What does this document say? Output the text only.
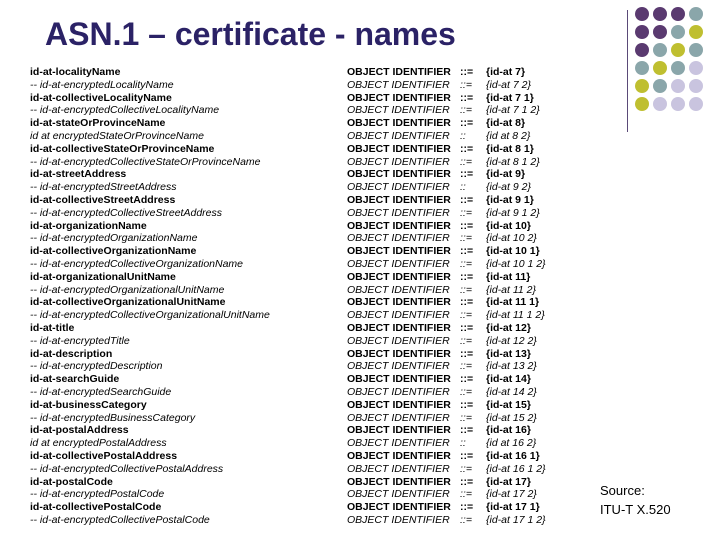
ASN.1 – certificate - names
id-at-localityName	OBJECT IDENTIFIER ::= {id-at 7}
-- id-at-encryptedLocalityName	OBJECT IDENTIFIER ::= {id-at 7 2}
id-at-collectiveLocalityName	OBJECT IDENTIFIER ::= {id-at 7 1}
-- id-at-encryptedCollectiveLocalityName	OBJECT IDENTIFIER ::= {id-at 7 1 2}
id-at-stateOrProvinceName	OBJECT IDENTIFIER ::= {id-at 8}
id at encryptedStateOrProvinceName	OBJECT IDENTIFIER :: {id at 8 2}
id-at-collectiveStateOrProvinceName	OBJECT IDENTIFIER ::= {id-at 8 1}
-- id-at-encryptedCollectiveStateOrProvinceName	OBJECT IDENTIFIER ::= {id-at 8 1 2}
id-at-streetAddress	OBJECT IDENTIFIER ::= {id-at 9}
-- id-at-encryptedStreetAddress	OBJECT IDENTIFIER :: {id-at 9 2}
id-at-collectiveStreetAddress	OBJECT IDENTIFIER ::= {id-at 9 1}
-- id-at-encryptedCollectiveStreetAddress	OBJECT IDENTIFIER ::= {id-at 9 1 2}
id-at-organizationName	OBJECT IDENTIFIER ::= {id-at 10}
-- id-at-encryptedOrganizationName	OBJECT IDENTIFIER ::= {id-at 10 2}
id-at-collectiveOrganizationName	OBJECT IDENTIFIER ::= {id-at 10 1}
-- id-at-encryptedCollectiveOrganizationName	OBJECT IDENTIFIER ::= {id-at 10 1 2}
id-at-organizationalUnitName	OBJECT IDENTIFIER ::= {id-at 11}
-- id-at-encryptedOrganizationalUnitName	OBJECT IDENTIFIER ::= {id-at 11 2}
id-at-collectiveOrganizationalUnitName	OBJECT IDENTIFIER ::= {id-at 11 1}
-- id-at-encryptedCollectiveOrganizationalUnitName	OBJECT IDENTIFIER ::= {id-at 11 1 2}
id-at-title	OBJECT IDENTIFIER ::= {id-at 12}
-- id-at-encryptedTitle	OBJECT IDENTIFIER ::= {id-at 12 2}
id-at-description	OBJECT IDENTIFIER ::= {id-at 13}
-- id-at-encryptedDescription	OBJECT IDENTIFIER ::= {id-at 13 2}
id-at-searchGuide	OBJECT IDENTIFIER ::= {id-at 14}
-- id-at-encryptedSearchGuide	OBJECT IDENTIFIER ::= {id-at 14 2}
id-at-businessCategory	OBJECT IDENTIFIER ::= {id-at 15}
-- id-at-encryptedBusinessCategory	OBJECT IDENTIFIER ::= {id-at 15 2}
id-at-postalAddress	OBJECT IDENTIFIER ::= {id-at 16}
id at encryptedPostalAddress	OBJECT IDENTIFIER :: {id at 16 2}
id-at-collectivePostalAddress	OBJECT IDENTIFIER ::= {id-at 16 1}
-- id-at-encryptedCollectivePostalAddress	OBJECT IDENTIFIER ::= {id-at 16 1 2}
id-at-postalCode	OBJECT IDENTIFIER ::= {id-at 17}
-- id-at-encryptedPostalCode	OBJECT IDENTIFIER ::= {id-at 17 2}
id-at-collectivePostalCode	OBJECT IDENTIFIER ::= {id-at 17 1}
-- id-at-encryptedCollectivePostalCode	OBJECT IDENTIFIER ::= {id-at 17 1 2}
Source:
ITU-T X.520
